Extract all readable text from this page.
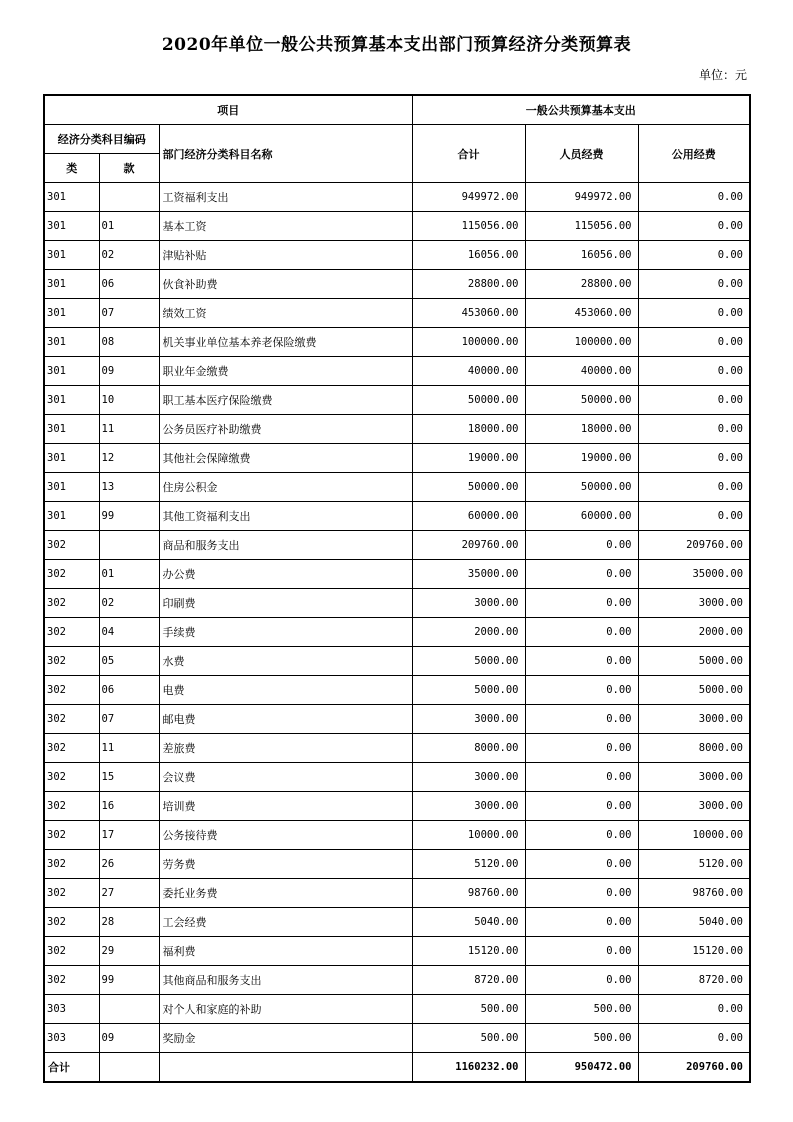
2020年单位一般公共预算基本支出部门预算经济分类预算表
单位：元
项目			一般公共预算基本支出		
经济分类科目编码		部门经济分类科目名称	合计	人员经费	公用经费
类	款				
301		工资福利支出	949972.00	949972.00	0.00
301	01	基本工资	115056.00	115056.00	0.00
301	02	津贴补贴	16056.00	16056.00	0.00
301	06	伙食补助费	28800.00	28800.00	0.00
301	07	绩效工资	453060.00	453060.00	0.00
301	08	机关事业单位基本养老保险缴费	100000.00	100000.00	0.00
301	09	职业年金缴费	40000.00	40000.00	0.00
301	10	职工基本医疗保险缴费	50000.00	50000.00	0.00
301	11	公务员医疗补助缴费	18000.00	18000.00	0.00
301	12	其他社会保障缴费	19000.00	19000.00	0.00
301	13	住房公积金	50000.00	50000.00	0.00
301	99	其他工资福利支出	60000.00	60000.00	0.00
302		商品和服务支出	209760.00	0.00	209760.00
302	01	办公费	35000.00	0.00	35000.00
302	02	印刷费	3000.00	0.00	3000.00
302	04	手续费	2000.00	0.00	2000.00
302	05	水费	5000.00	0.00	5000.00
302	06	电费	5000.00	0.00	5000.00
302	07	邮电费	3000.00	0.00	3000.00
302	11	差旅费	8000.00	0.00	8000.00
302	15	会议费	3000.00	0.00	3000.00
302	16	培训费	3000.00	0.00	3000.00
302	17	公务接待费	10000.00	0.00	10000.00
302	26	劳务费	5120.00	0.00	5120.00
302	27	委托业务费	98760.00	0.00	98760.00
302	28	工会经费	5040.00	0.00	5040.00
302	29	福利费	15120.00	0.00	15120.00
302	99	其他商品和服务支出	8720.00	0.00	8720.00
303		对个人和家庭的补助	500.00	500.00	0.00
303	09	奖励金	500.00	500.00	0.00
合计			1160232.00	950472.00	209760.00
